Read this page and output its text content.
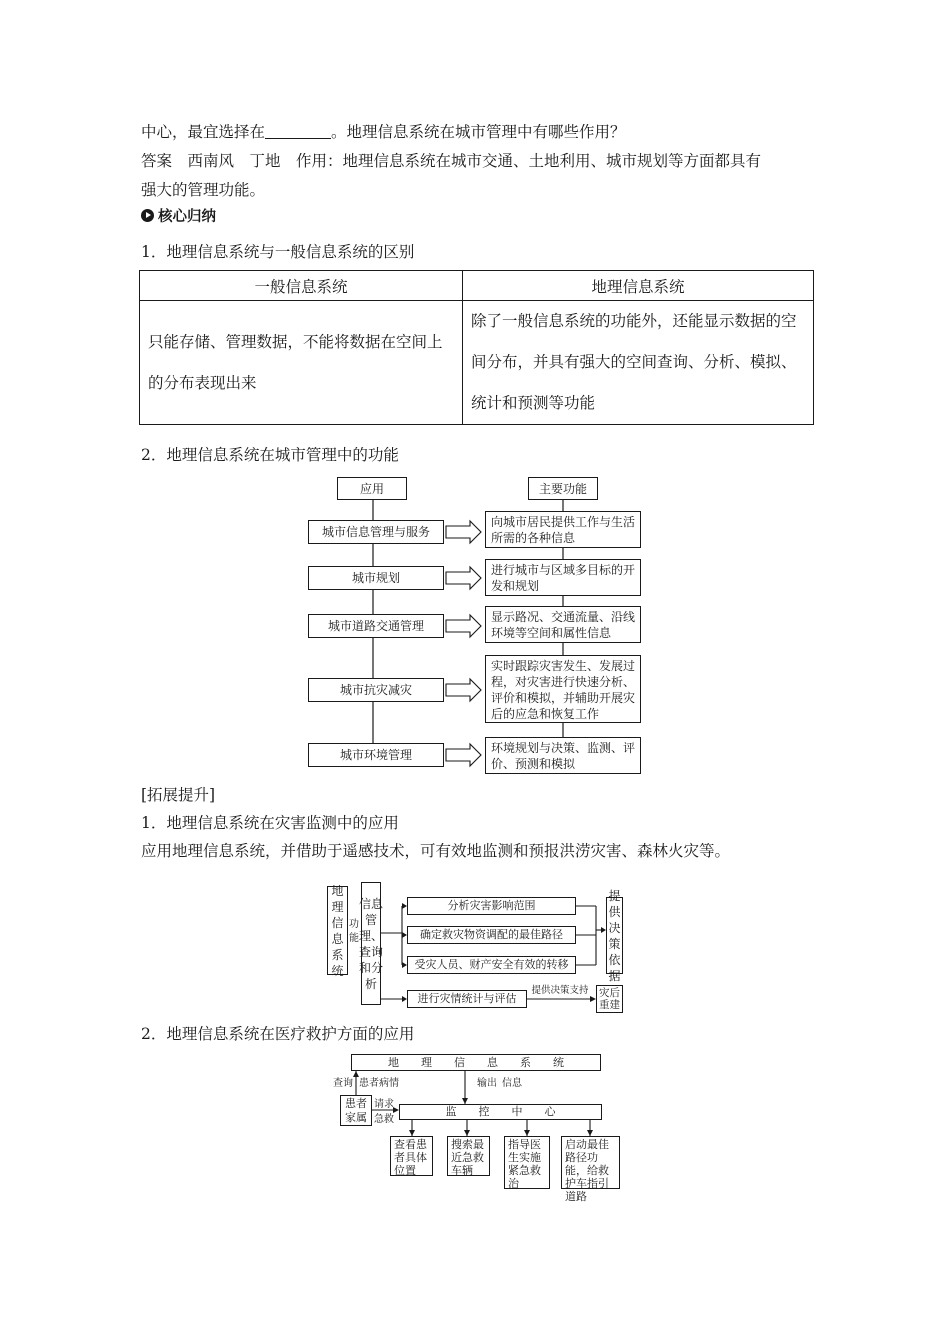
中心，最宜选择在	。地理信息系统在城市管理中有哪些作用？
答案　西南风　丁地　作用：地理信息系统在城市交通、土地利用、城市规划等方面都具有
强大的管理功能。
核心归纳
1．地理信息系统与一般信息系统的区别
一般信息系统	地理信息系统
只能存储、管理数据，不能将数据在空间上的分布表现出来	除了一般信息系统的功能外，还能显示数据的空间分布，并具有强大的空间查询、分析、模拟、统计和预测等功能
2．地理信息系统在城市管理中的功能
应用	主要功能
城市信息管理与服务
城市规划
城市道路交通管理
城市抗灾减灾
城市环境管理
向城市居民提供工作与生活所需的各种信息
进行城市与区域多目标的开发和规划
显示路况、交通流量、沿线环境等空间和属性信息
实时跟踪灾害发生、发展过程，对灾害进行快速分析、评价和模拟，并辅助开展灾后的应急和恢复工作
环境规划与决策、监测、评价、预测和模拟
[拓展提升]
1．地理信息系统在灾害监测中的应用
应用地理信息系统，并借助于遥感技术，可有效地监测和预报洪涝灾害、森林火灾等。
地理信息系统
功能
信息管理、查询和分析
分析灾害影响范围
确定救灾物资调配的最佳路径
受灾人员、财产安全有效的转移
提供决策依据
进行灾情统计与评估
提供决策支持	灾后重建
2．地理信息系统在医疗救护方面的应用
地　　理　　信　　息　　系　　统
查询 患者病情	输出 信息
患者家属
请求
急救
监　　控　　中　　心
查看患者具体位置
搜索最近急救车辆
指导医生实施紧急救治
启动最佳路径功能，给救护车指引道路
